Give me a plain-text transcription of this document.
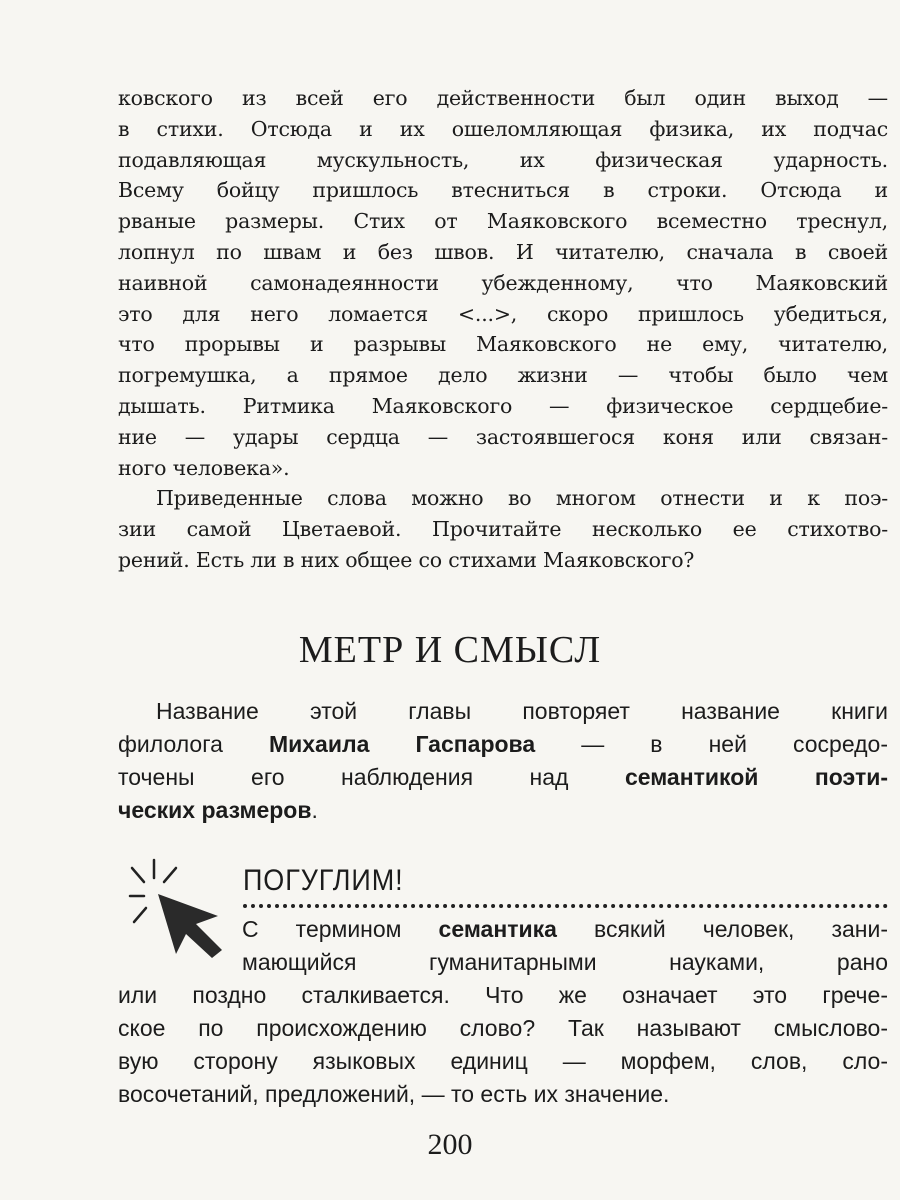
ковского из всей его действенности был один выход —
в стихи. Отсюда и их ошеломляющая физика, их подчас
подавляющая мускульность, их физическая ударность.
Всему бойцу пришлось втесниться в строки. Отсюда и
рваные размеры. Стих от Маяковского всеместно треснул,
лопнул по швам и без швов. И читателю, сначала в своей
наивной самонадеянности убежденному, что Маяковский
это для него ломается <...>, скоро пришлось убедиться,
что прорывы и разрывы Маяковского не ему, читателю,
погремушка, а прямое дело жизни — чтобы было чем
дышать. Ритмика Маяковского — физическое сердцебие-
ние — удары сердца — застоявшегося коня или связан-
ного человека».
Приведенные слова можно во многом отнести и к поэ-
зии самой Цветаевой. Прочитайте несколько ее стихотво-
рений. Есть ли в них общее со стихами Маяковского?
Название этой главы повторяет название книги
филолога Михаила Гаспарова — в ней сосредо-
точены его наблюдения над семантикой поэти-
ческих размеров.
С термином семантика всякий человек, зани-
мающийся гуманитарными науками, рано
или поздно сталкивается. Что же означает это грече-
ское по происхождению слово? Так называют смыслово-
вую сторону языковых единиц — морфем, слов, сло-
восочетаний, предложений, — то есть их значение.
МЕТР И СМЫСЛ
ПОГУГЛИМ!
200
